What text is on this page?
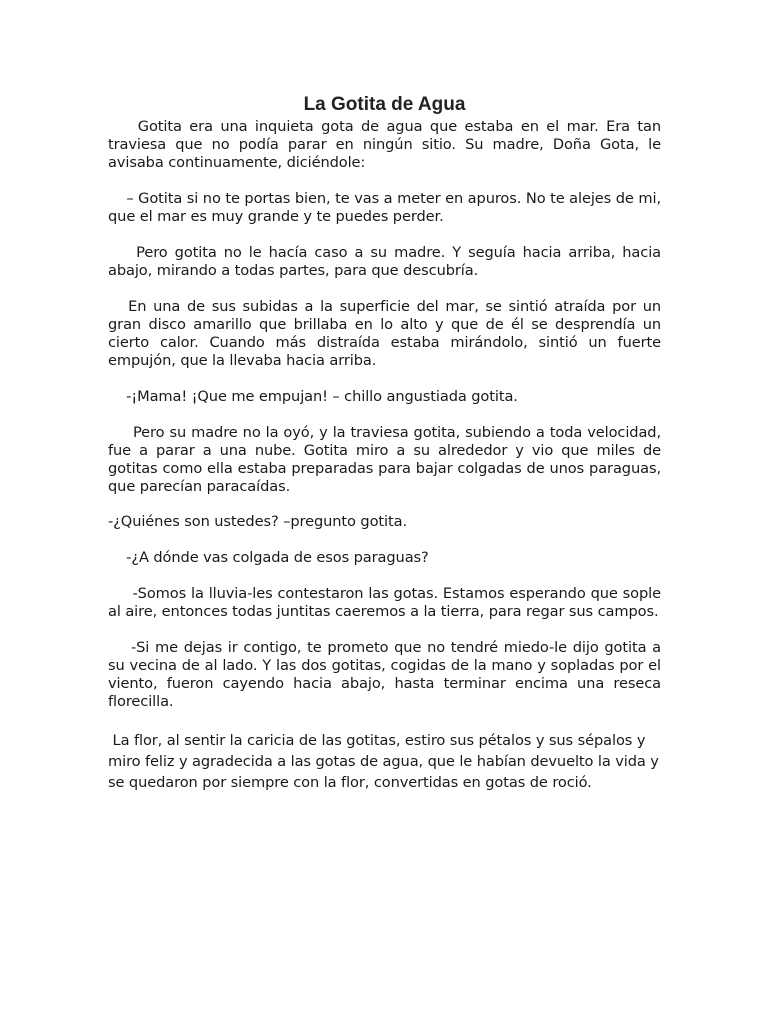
La Gotita de Agua

Gotita era una inquieta gota de agua que estaba en el mar. Era tan traviesa que no podía parar en ningún sitio. Su madre, Doña Gota, le avisaba continuamente, diciéndole:

– Gotita si no te portas bien, te vas a meter en apuros. No te alejes de mi, que el mar es muy grande y te puedes perder.

Pero gotita no le hacía caso a su madre. Y seguía hacia arriba, hacia abajo, mirando a todas partes, para que descubría.

En una de sus subidas a la superficie del mar, se sintió atraída por un gran disco amarillo que brillaba en lo alto y que de él se desprendía un cierto calor. Cuando más distraída estaba mirándolo, sintió un fuerte empujón, que la llevaba hacia arriba.

-¡Mama! ¡Que me empujan! – chillo angustiada gotita.

Pero su madre no la oyó, y la traviesa gotita, subiendo a toda velocidad, fue a parar a una nube. Gotita miro a su alrededor y vio que miles de gotitas como ella estaba preparadas para bajar colgadas de unos paraguas, que parecían paracaídas.

-¿Quiénes son ustedes? –pregunto gotita.

-¿A dónde vas colgada de esos paraguas?

-Somos la lluvia-les contestaron las gotas. Estamos esperando que sople al aire, entonces todas juntitas caeremos a la tierra, para regar sus campos.

-Si me dejas ir contigo, te prometo que no tendré miedo-le dijo gotita a su vecina de al lado. Y las dos gotitas, cogidas de la mano y sopladas por el viento, fueron cayendo hacia abajo, hasta terminar encima una reseca florecilla.

La flor, al sentir la caricia de las gotitas, estiro sus pétalos y sus sépalos y miro feliz y agradecida a las gotas de agua, que le habían devuelto la vida y se quedaron por siempre con la flor, convertidas en gotas de roció.
